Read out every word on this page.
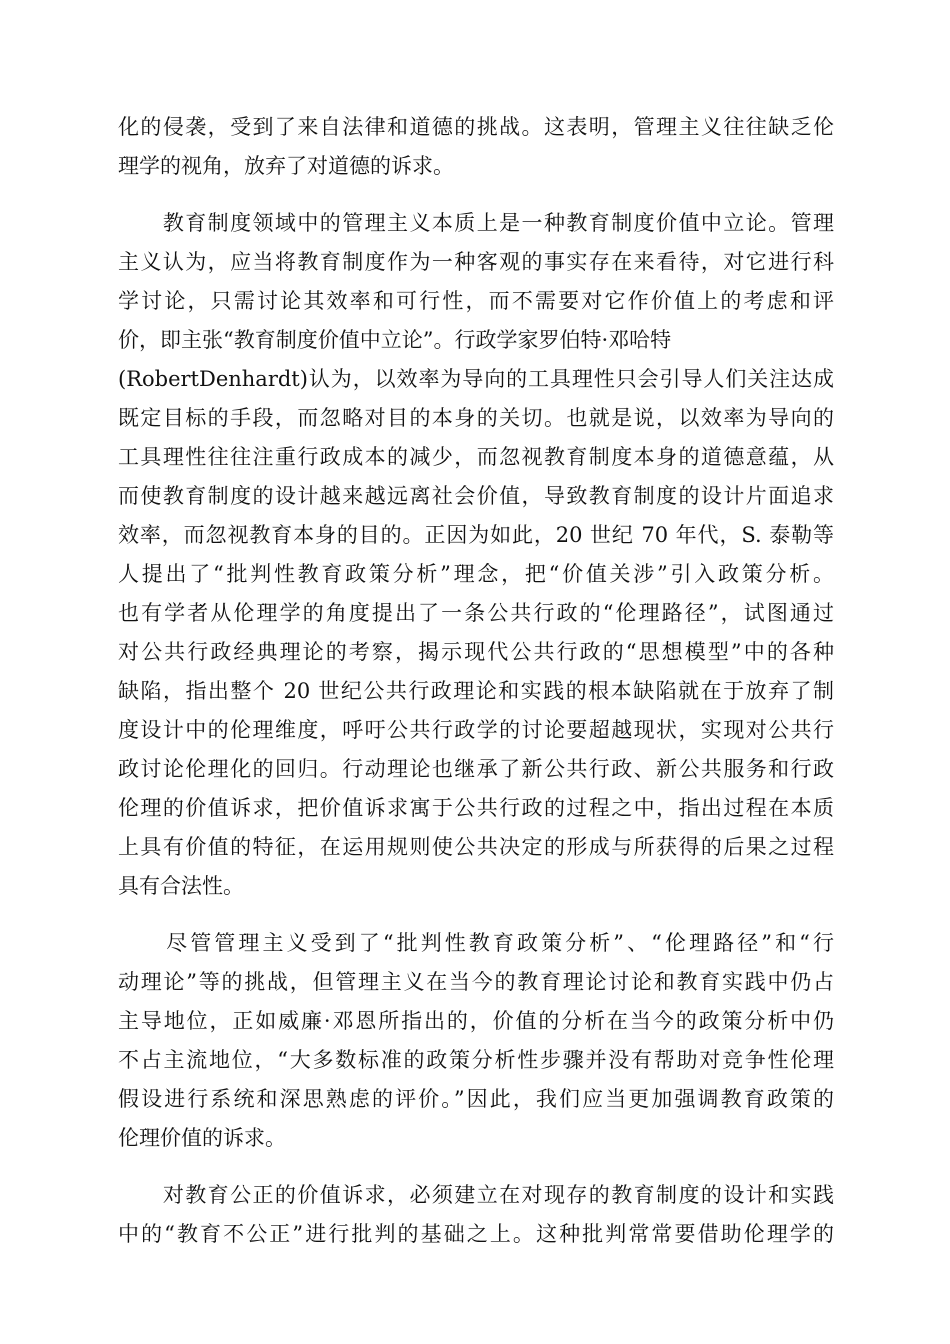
化的侵袭，受到了来自法律和道德的挑战。这表明，管理主义往往缺乏伦
理学的视角，放弃了对道德的诉求。
　　教育制度领域中的管理主义本质上是一种教育制度价值中立论。管理
主义认为，应当将教育制度作为一种客观的事实存在来看待，对它进行科
学讨论，只需讨论其效率和可行性，而不需要对它作价值上的考虑和评
价，即主张“教育制度价值中立论”。行政学家罗伯特·邓哈特
(RobertDenhardt)认为，以效率为导向的工具理性只会引导人们关注达成
既定目标的手段，而忽略对目的本身的关切。也就是说，以效率为导向的
工具理性往往注重行政成本的减少，而忽视教育制度本身的道德意蕴，从
而使教育制度的设计越来越远离社会价值，导致教育制度的设计片面追求
效率，而忽视教育本身的目的。正因为如此，20 世纪 70 年代，S. 泰勒等
人提出了“批判性教育政策分析”理念，把“价值关涉”引入政策分析。
也有学者从伦理学的角度提出了一条公共行政的“伦理路径”，试图通过
对公共行政经典理论的考察，揭示现代公共行政的“思想模型”中的各种
缺陷，指出整个 20 世纪公共行政理论和实践的根本缺陷就在于放弃了制
度设计中的伦理维度，呼吁公共行政学的讨论要超越现状，实现对公共行
政讨论伦理化的回归。行动理论也继承了新公共行政、新公共服务和行政
伦理的价值诉求，把价值诉求寓于公共行政的过程之中，指出过程在本质
上具有价值的特征，在运用规则使公共决定的形成与所获得的后果之过程
具有合法性。
　　尽管管理主义受到了“批判性教育政策分析”、“伦理路径”和“行
动理论”等的挑战，但管理主义在当今的教育理论讨论和教育实践中仍占
主导地位，正如威廉·邓恩所指出的，价值的分析在当今的政策分析中仍
不占主流地位，“大多数标准的政策分析性步骤并没有帮助对竞争性伦理
假设进行系统和深思熟虑的评价。”因此，我们应当更加强调教育政策的
伦理价值的诉求。
　　对教育公正的价值诉求，必须建立在对现存的教育制度的设计和实践
中的“教育不公正”进行批判的基础之上。这种批判常常要借助伦理学的
